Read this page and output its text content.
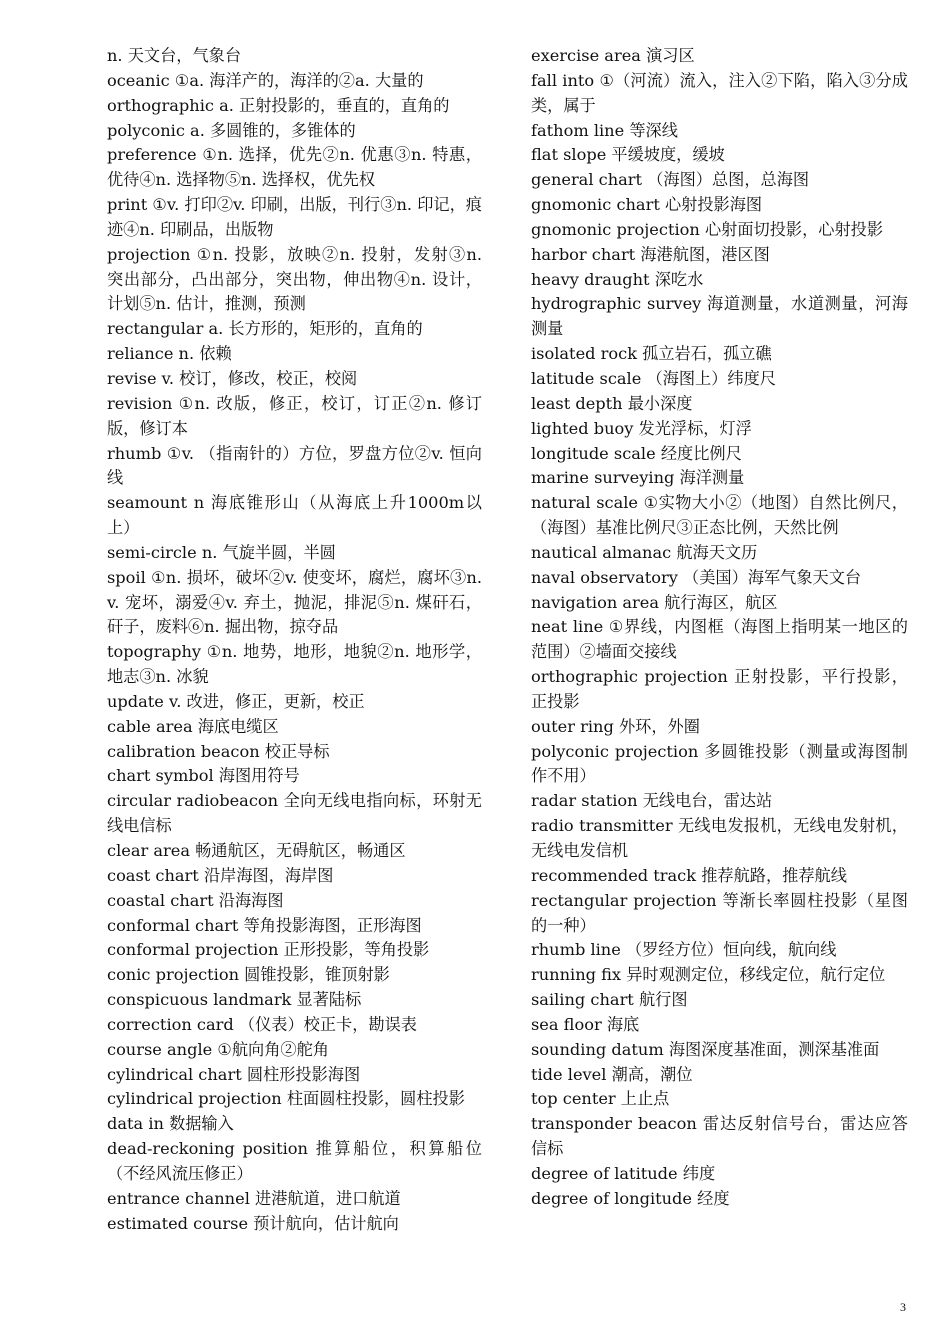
n. 天文台，气象台

oceanic ①a. 海洋产的，海洋的②a. 大量的

orthographic a. 正射投影的，垂直的，直角的

polyconic a. 多圆锥的，多锥体的

preference ①n. 选择，优先②n. 优惠③n. 特惠，优待④n. 选择物⑤n. 选择权，优先权

print ①v. 打印②v. 印刷，出版，刊行③n. 印记，痕迹④n. 印刷品，出版物

projection ①n. 投影，放映②n. 投射，发射③n. 突出部分，凸出部分，突出物，伸出物④n. 设计，计划⑤n. 估计，推测，预测

rectangular a. 长方形的，矩形的，直角的

reliance n. 依赖

revise v. 校订，修改，校正，校阅

revision ①n. 改版，修正，校订，订正②n. 修订版，修订本

rhumb ①v. （指南针的）方位，罗盘方位②v. 恒向线

seamount n 海底锥形山（从海底上升1000m以上）

semi-circle n. 气旋半圆，半圆

spoil ①n. 损坏，破坏②v. 使变坏，腐烂，腐坏③n. v. 宠坏，溺爱④v. 弃土，抛泥，排泥⑤n. 煤矸石，矸子，废料⑥n. 掘出物，掠夺品

topography ①n. 地势，地形，地貌②n. 地形学，地志③n. 冰貌

update v. 改进，修正，更新，校正

cable area 海底电缆区

calibration beacon 校正导标

chart symbol 海图用符号

circular radiobeacon 全向无线电指向标，环射无线电信标

clear area 畅通航区，无碍航区，畅通区

coast chart 沿岸海图，海岸图

coastal chart 沿海海图

conformal chart 等角投影海图，正形海图

conformal projection 正形投影，等角投影

conic projection 圆锥投影，锥顶射影

conspicuous landmark 显著陆标

correction card （仪表）校正卡，勘误表

course angle ①航向角②舵角

cylindrical chart 圆柱形投影海图

cylindrical projection 柱面圆柱投影，圆柱投影

data in 数据输入

dead-reckoning position 推算船位，积算船位（不经风流压修正）

entrance channel 进港航道，进口航道

estimated course 预计航向，估计航向

exercise area 演习区

fall into ①（河流）流入，注入②下陷，陷入③分成类，属于

fathom line 等深线

flat slope 平缓坡度，缓坡

general chart （海图）总图，总海图

gnomonic chart 心射投影海图

gnomonic projection 心射面切投影，心射投影

harbor chart 海港航图，港区图

heavy draught 深吃水

hydrographic survey 海道测量，水道测量，河海测量

isolated rock 孤立岩石，孤立礁

latitude scale （海图上）纬度尺

least depth 最小深度

lighted buoy 发光浮标，灯浮

longitude scale 经度比例尺

marine surveying 海洋测量

natural scale ①实物大小②（地图）自然比例尺，（海图）基准比例尺③正态比例，天然比例

nautical almanac 航海天文历

naval observatory （美国）海军气象天文台

navigation area 航行海区，航区

neat line ①界线，内图框（海图上指明某一地区的范围）②墙面交接线

orthographic projection 正射投影，平行投影，正投影

outer ring 外环，外圈

polyconic projection 多圆锥投影（测量或海图制作不用）

radar station 无线电台，雷达站

radio transmitter 无线电发报机，无线电发射机，无线电发信机

recommended track 推荐航路，推荐航线

rectangular projection 等渐长率圆柱投影（星图的一种）

rhumb line （罗经方位）恒向线，航向线

running fix 异时观测定位，移线定位，航行定位

sailing chart 航行图

sea floor 海底

sounding datum 海图深度基准面，测深基准面

tide level 潮高，潮位

top center 上止点

transponder beacon 雷达反射信号台，雷达应答信标

degree of latitude 纬度

degree of longitude 经度

3
